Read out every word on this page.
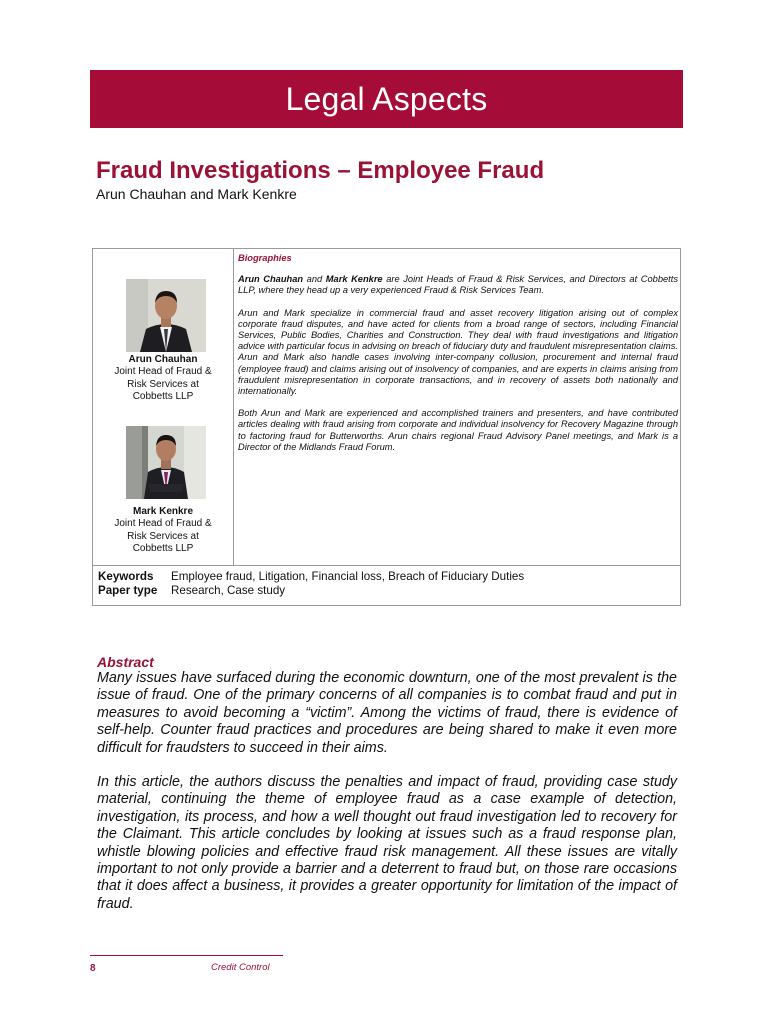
Legal Aspects
Fraud Investigations – Employee Fraud
Arun Chauhan and Mark Kenkre
Arun Chauhan
Joint Head of Fraud &
Risk Services at
Cobbetts LLP
Mark Kenkre
Joint Head of Fraud &
Risk Services at
Cobbetts LLP
Biographies

Arun Chauhan and Mark Kenkre are Joint Heads of Fraud & Risk Services, and Directors at Cobbetts LLP, where they head up a very experienced Fraud & Risk Services Team.

Arun and Mark specialize in commercial fraud and asset recovery litigation arising out of complex corporate fraud disputes, and have acted for clients from a broad range of sectors, including Financial Services, Public Bodies, Charities and Construction. They deal with fraud investigations and litigation advice with particular focus in advising on breach of fiduciary duty and fraudulent misrepresentation claims. Arun and Mark also handle cases involving inter-company collusion, procurement and internal fraud (employee fraud) and claims arising out of insolvency of companies, and are experts in claims arising from fraudulent misrepresentation in corporate transactions, and in recovery of assets both nationally and internationally.

Both Arun and Mark are experienced and accomplished trainers and presenters, and have contributed articles dealing with fraud arising from corporate and individual insolvency for Recovery Magazine through to factoring fraud for Butterworths. Arun chairs regional Fraud Advisory Panel meetings, and Mark is a Director of the Midlands Fraud Forum.

Keywords	Employee fraud, Litigation, Financial loss, Breach of Fiduciary Duties
Paper type	Research, Case study
Abstract

Many issues have surfaced during the economic downturn, one of the most prevalent is the issue of fraud. One of the primary concerns of all companies is to combat fraud and put in measures to avoid becoming a “victim”. Among the victims of fraud, there is evidence of self-help. Counter fraud practices and procedures are being shared to make it even more difficult for fraudsters to succeed in their aims.

In this article, the authors discuss the penalties and impact of fraud, providing case study material, continuing the theme of employee fraud as a case example of detection, investigation, its process, and how a well thought out fraud investigation led to recovery for the Claimant. This article concludes by looking at issues such as a fraud response plan, whistle blowing policies and effective fraud risk management. All these issues are vitally important to not only provide a barrier and a deterrent to fraud but, on those rare occasions that it does affect a business, it provides a greater opportunity for limitation of the impact of fraud.

8	Credit Control
